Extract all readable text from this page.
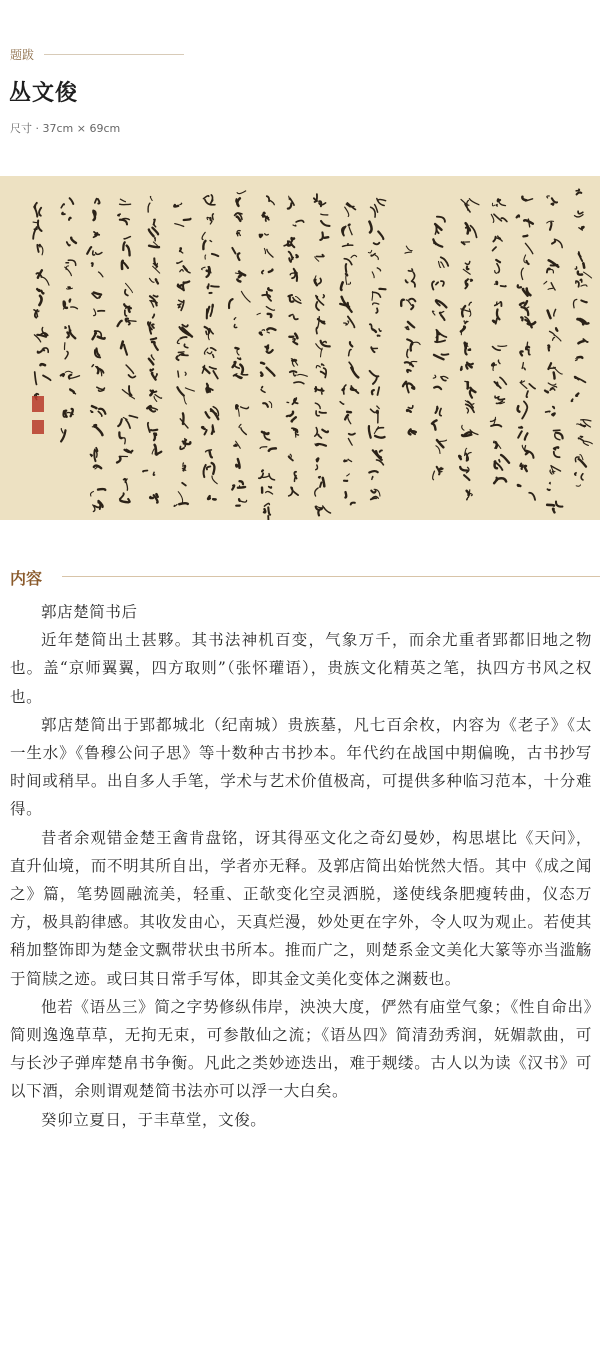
题跋
丛文俊
尺寸 · 37cm × 69cm
内容

郭店楚简书后

近年楚简出土甚夥。其书法神机百变，气象万千，而余尤重者郢都旧地之物也。盖“京师翼翼，四方取则”（张怀瓘语），贵族文化精英之笔，执四方书风之权也。

郭店楚简出于郢都城北（纪南城）贵族墓，凡七百余枚，内容为《老子》《太一生水》《鲁穆公问子思》等十数种古书抄本。年代约在战国中期偏晚，古书抄写时间或稍早。出自多人手笔，学术与艺术价值极高，可提供多种临习范本，十分难得。

昔者余观错金楚王酓肯盘铭，讶其得巫文化之奇幻曼妙，构思堪比《天问》，直升仙境，而不明其所自出，学者亦无释。及郭店简出始恍然大悟。其中《成之闻之》篇，笔势圆融流美，轻重、正欹变化空灵洒脱，遂使线条肥瘦转曲，仪态万方，极具韵律感。其收发由心，天真烂漫，妙处更在字外，令人叹为观止。若使其稍加整饰即为楚金文飘带状虫书所本。推而广之，则楚系金文美化大篆等亦当滥觞于简牍之迹。或曰其日常手写体，即其金文美化变体之渊薮也。

他若《语丛三》简之字势修纵伟岸，泱泱大度，俨然有庙堂气象；《性自命出》简则逸逸草草，无拘无束，可参散仙之流；《语丛四》简清劲秀润，妩媚款曲，可与长沙子弹库楚帛书争衡。凡此之类妙迹迭出，难于觌缕。古人以为读《汉书》可以下酒，余则谓观楚简书法亦可以浮一大白矣。

癸卯立夏日，于丰草堂，文俊。
